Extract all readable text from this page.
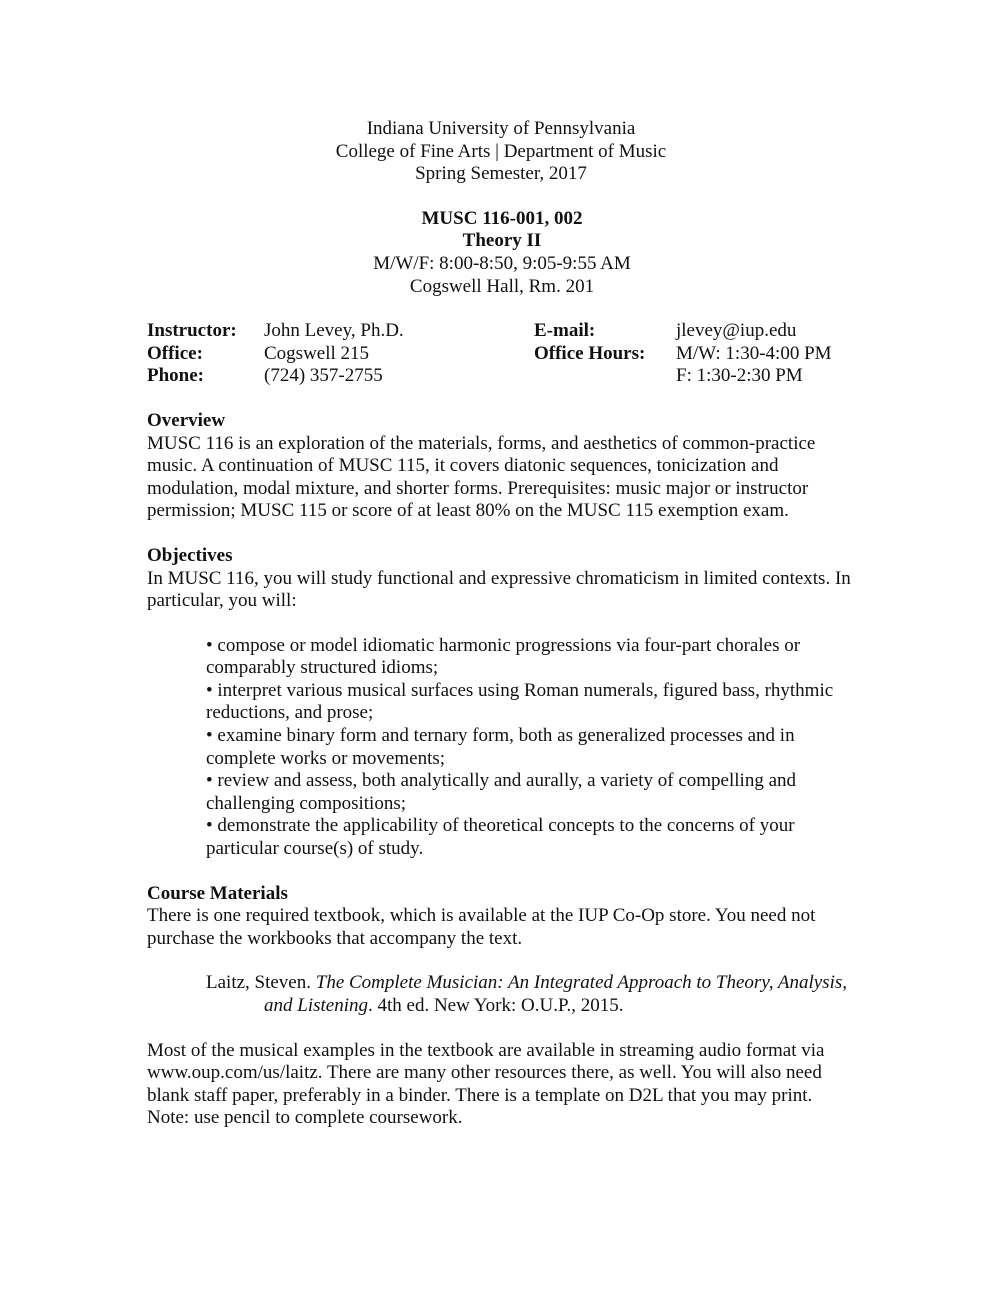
Indiana University of Pennsylvania
College of Fine Arts | Department of Music
Spring Semester, 2017
MUSC 116-001, 002
Theory II
M/W/F: 8:00-8:50, 9:05-9:55 AM
Cogswell Hall, Rm. 201
Instructor:	John Levey, Ph.D.	E-mail:	jlevey@iup.edu
Office:	Cogswell 215	Office Hours:	M/W: 1:30-4:00 PM
Phone:	(724) 357-2755		F: 1:30-2:30 PM
Overview

MUSC 116 is an exploration of the materials, forms, and aesthetics of common-practice music. A continuation of MUSC 115, it covers diatonic sequences, tonicization and modulation, modal mixture, and shorter forms. Prerequisites: music major or instructor permission; MUSC 115 or score of at least 80% on the MUSC 115 exemption exam.

Objectives

In MUSC 116, you will study functional and expressive chromaticism in limited contexts. In particular, you will:

• compose or model idiomatic harmonic progressions via four-part chorales or comparably structured idioms;
• interpret various musical surfaces using Roman numerals, figured bass, rhythmic reductions, and prose;
• examine binary form and ternary form, both as generalized processes and in complete works or movements;
• review and assess, both analytically and aurally, a variety of compelling and challenging compositions;
• demonstrate the applicability of theoretical concepts to the concerns of your particular course(s) of study.
Course Materials

There is one required textbook, which is available at the IUP Co-Op store. You need not purchase the workbooks that accompany the text.

Laitz, Steven. The Complete Musician: An Integrated Approach to Theory, Analysis, and Listening. 4th ed. New York: O.U.P., 2015.

Most of the musical examples in the textbook are available in streaming audio format via www.oup.com/us/laitz. There are many other resources there, as well. You will also need blank staff paper, preferably in a binder. There is a template on D2L that you may print. Note: use pencil to complete coursework.
